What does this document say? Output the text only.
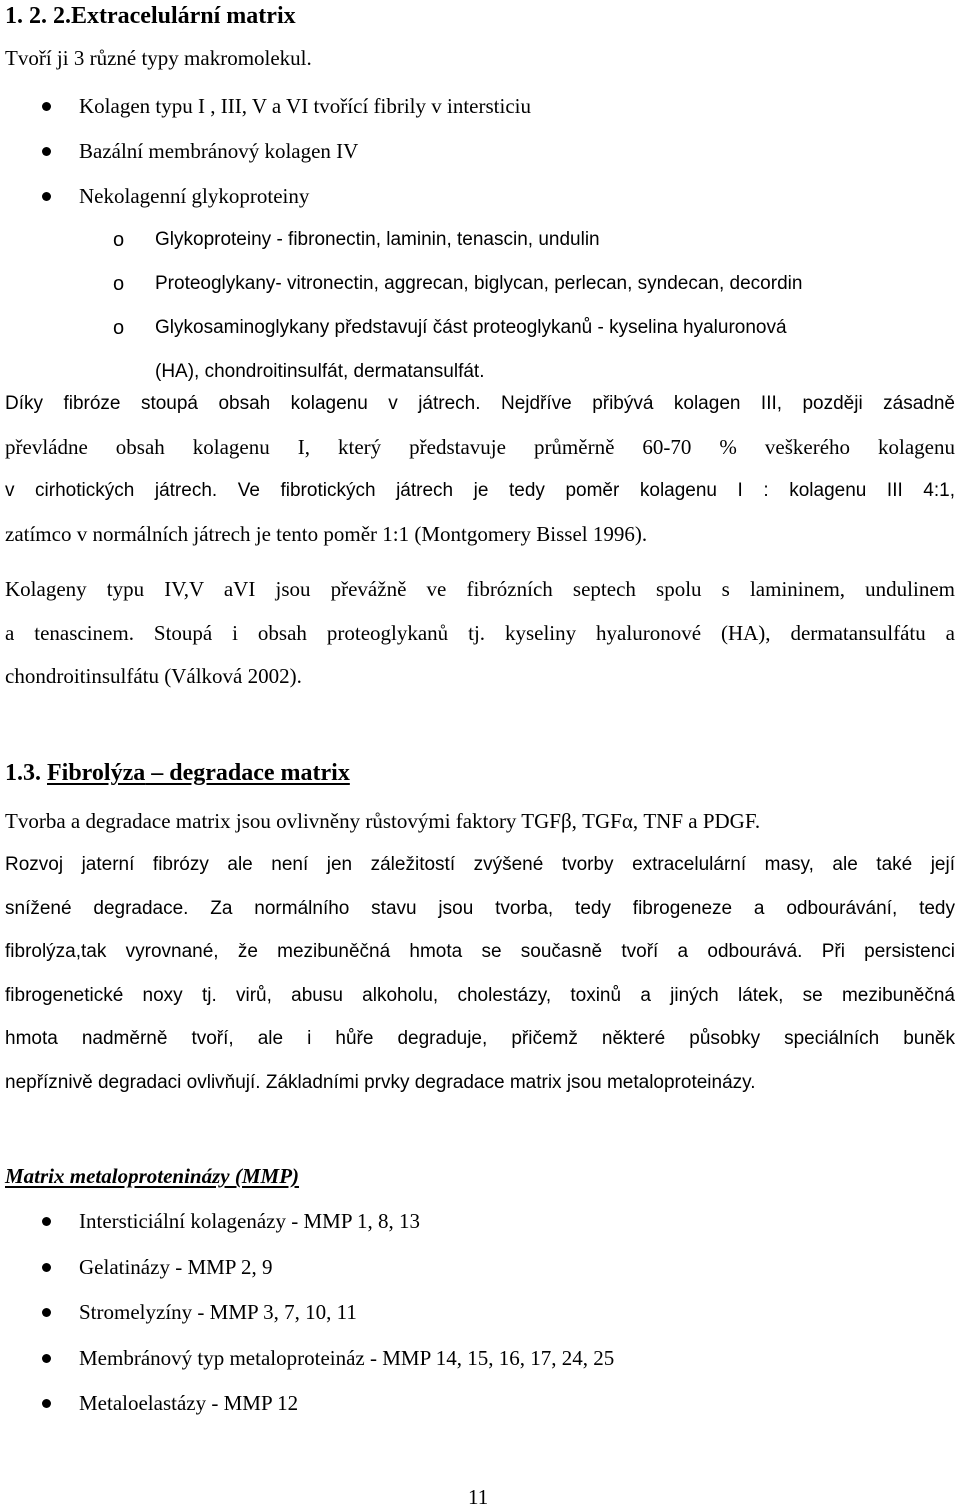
1. 2. 2.Extracelulární matrix

Tvoří ji 3 různé typy makromolekul.

Kolagen typu I , III, V a VI tvořící fibrily v intersticiu
Bazální membránový kolagen IV
Nekolagenní glykoproteiny
o Glykoproteiny - fibronectin, laminin, tenascin, undulin
o Proteoglykany- vitronectin, aggrecan, biglycan, perlecan, syndecan, decordin
o Glykosaminoglykany představují část proteoglykanů - kyselina hyaluronová
(HA), chondroitinsulfát, dermatansulfát.
Díky fibróze stoupá obsah kolagenu v játrech. Nejdříve přibývá kolagen III, později zásadně
převládne obsah kolagenu I, který představuje průměrně 60-70 % veškerého kolagenu
v cirhotických játrech. Ve fibrotických játrech je tedy poměr kolagenu I : kolagenu III 4:1,
zatímco v normálních játrech je tento poměr 1:1 (Montgomery Bissel 1996).
Kolageny typu IV,V aVI jsou převážně ve fibrózních septech spolu s lamininem, undulinem
a tenascinem. Stoupá i obsah proteoglykanů tj. kyseliny hyaluronové (HA), dermatansulfátu a
chondroitinsulfátu (Válková 2002).
1.3. Fibrolýza – degradace matrix
Tvorba a degradace matrix jsou ovlivněny růstovými faktory TGFβ, TGFα, TNF a PDGF.
Rozvoj jaterní fibrózy ale není jen záležitostí zvýšené tvorby extracelulární masy, ale také její
snížené degradace. Za normálního stavu jsou tvorba, tedy fibrogeneze a odbourávání, tedy
fibrolýza,tak vyrovnané, že mezibuněčná hmota se současně tvoří a odbourává. Při persistenci
fibrogenetické noxy tj. virů, abusu alkoholu, cholestázy, toxinů a jiných látek, se mezibuněčná
hmota nadměrně tvoří, ale i hůře degraduje, přičemž některé působky speciálních buněk
nepříznivě degradaci ovlivňují. Základními prvky degradace matrix jsou metaloproteinázy.
Matrix metaloproteninázy (MMP)
Intersticiální kolagenázy - MMP 1, 8, 13
Gelatinázy - MMP 2, 9
Stromelyzíny - MMP 3, 7, 10, 11
Membránový typ metaloproteináz - MMP 14, 15, 16, 17, 24, 25
Metaloelastázy - MMP 12
11
